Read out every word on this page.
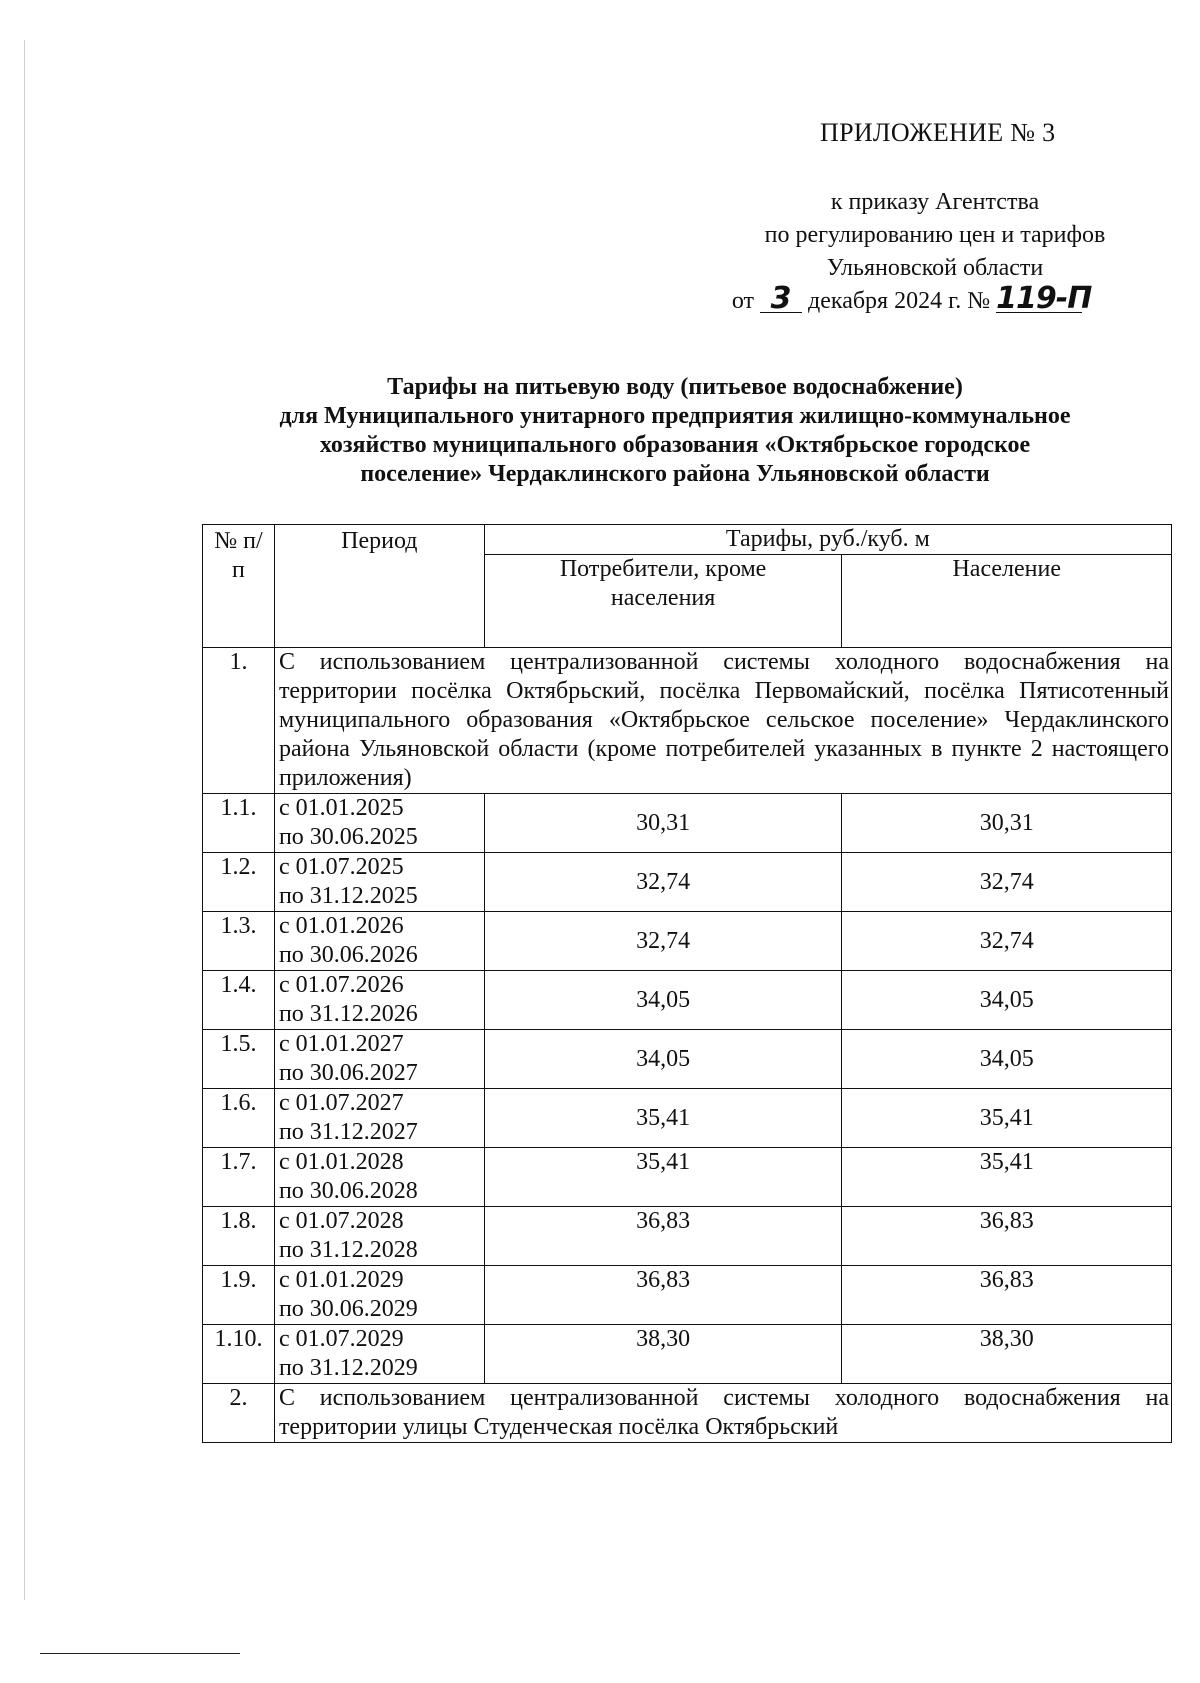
ПРИЛОЖЕНИЕ № 3
к приказу Агентства
по регулированию цен и тарифов
Ульяновской области
от 3 декабря 2024 г. № 119-П
Тарифы на питьевую воду (питьевое водоснабжение)
для Муниципального унитарного предприятия жилищно-коммунальное
хозяйство муниципального образования «Октябрьское городское
поселение» Чердаклинского района Ульяновской области
№ п/п	Период	Тарифы, руб./куб. м	

		Потребители, кроме населения	Население
1.	С использованием централизованной системы холодного водоснабжения на территории посёлка Октябрьский, посёлка Первомайский, посёлка Пятисотенный муниципального образования «Октябрьское сельское поселение» Чердаклинского района Ульяновской области (кроме потребителей указанных в пункте 2 настоящего приложения)		
1.1.	с 01.01.2025
по 30.06.2025	30,31	30,31
1.2.	с 01.07.2025
по 31.12.2025	32,74	32,74
1.3.	с 01.01.2026
по 30.06.2026	32,74	32,74
1.4.	с 01.07.2026
по 31.12.2026	34,05	34,05
1.5.	с 01.01.2027
по 30.06.2027	34,05	34,05
1.6.	с 01.07.2027
по 31.12.2027	35,41	35,41
1.7.	с 01.01.2028
по 30.06.2028	35,41	35,41
1.8.	с 01.07.2028
по 31.12.2028	36,83	36,83
1.9.	с 01.01.2029
по 30.06.2029	36,83	36,83
1.10.	с 01.07.2029
по 31.12.2029	38,30	38,30
2.	С использованием централизованной системы холодного водоснабжения на территории улицы Студенческая посёлка Октябрьский		
